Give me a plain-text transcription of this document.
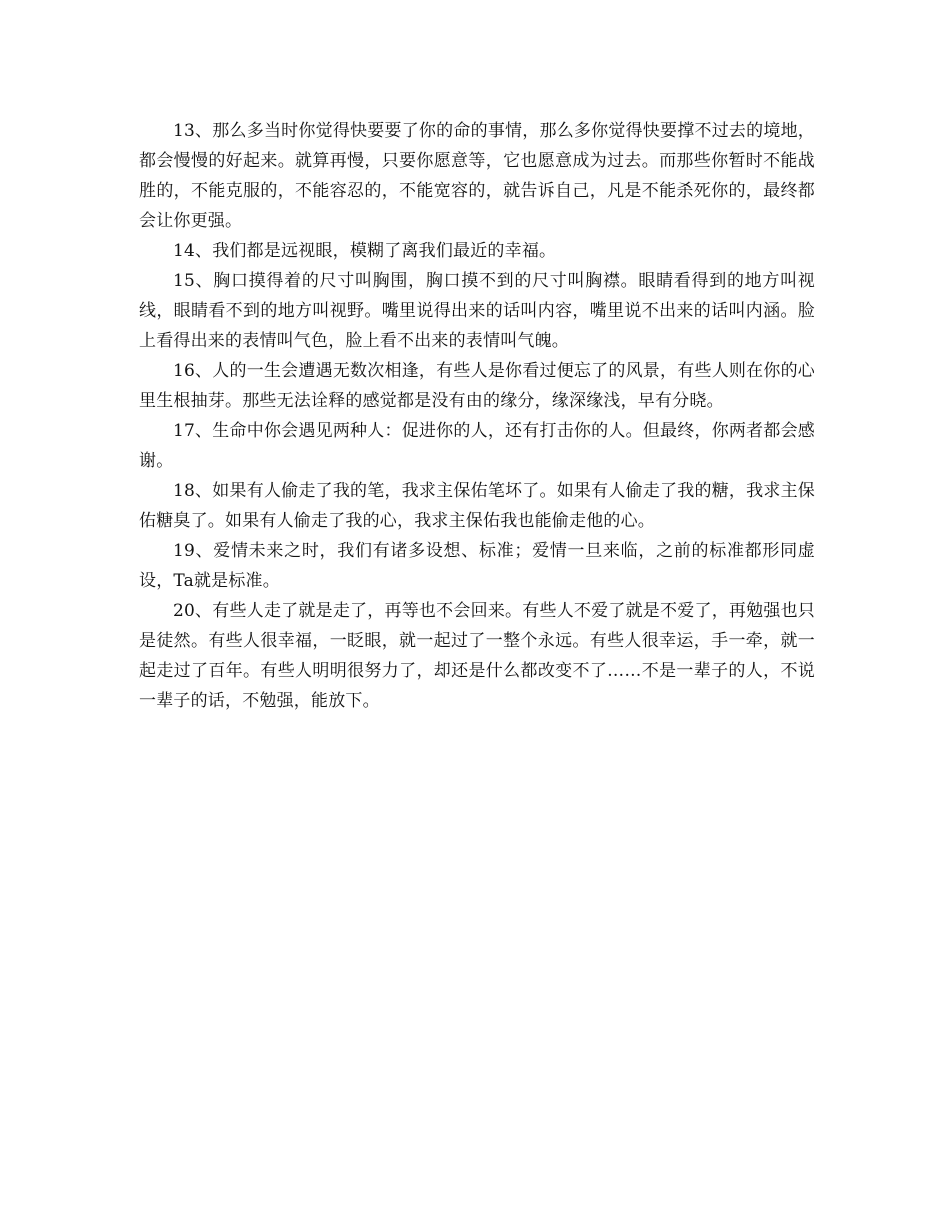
13、那么多当时你觉得快要要了你的命的事情，那么多你觉得快要撑不过去的境地，都会慢慢的好起来。就算再慢，只要你愿意等，它也愿意成为过去。而那些你暂时不能战胜的，不能克服的，不能容忍的，不能宽容的，就告诉自己，凡是不能杀死你的，最终都会让你更强。

14、我们都是远视眼，模糊了离我们最近的幸福。

15、胸口摸得着的尺寸叫胸围，胸口摸不到的尺寸叫胸襟。眼睛看得到的地方叫视线，眼睛看不到的地方叫视野。嘴里说得出来的话叫内容，嘴里说不出来的话叫内涵。脸上看得出来的表情叫气色，脸上看不出来的表情叫气魄。

16、人的一生会遭遇无数次相逢，有些人是你看过便忘了的风景，有些人则在你的心里生根抽芽。那些无法诠释的感觉都是没有由的缘分，缘深缘浅，早有分晓。

17、生命中你会遇见两种人：促进你的人，还有打击你的人。但最终，你两者都会感谢。

18、如果有人偷走了我的笔，我求主保佑笔坏了。如果有人偷走了我的糖，我求主保佑糖臭了。如果有人偷走了我的心，我求主保佑我也能偷走他的心。

19、爱情未来之时，我们有诸多设想、标准；爱情一旦来临，之前的标准都形同虚设，Ta就是标准。

20、有些人走了就是走了，再等也不会回来。有些人不爱了就是不爱了，再勉强也只是徒然。有些人很幸福，一眨眼，就一起过了一整个永远。有些人很幸运，手一牵，就一起走过了百年。有些人明明很努力了，却还是什么都改变不了……不是一辈子的人，不说一辈子的话，不勉强，能放下。
